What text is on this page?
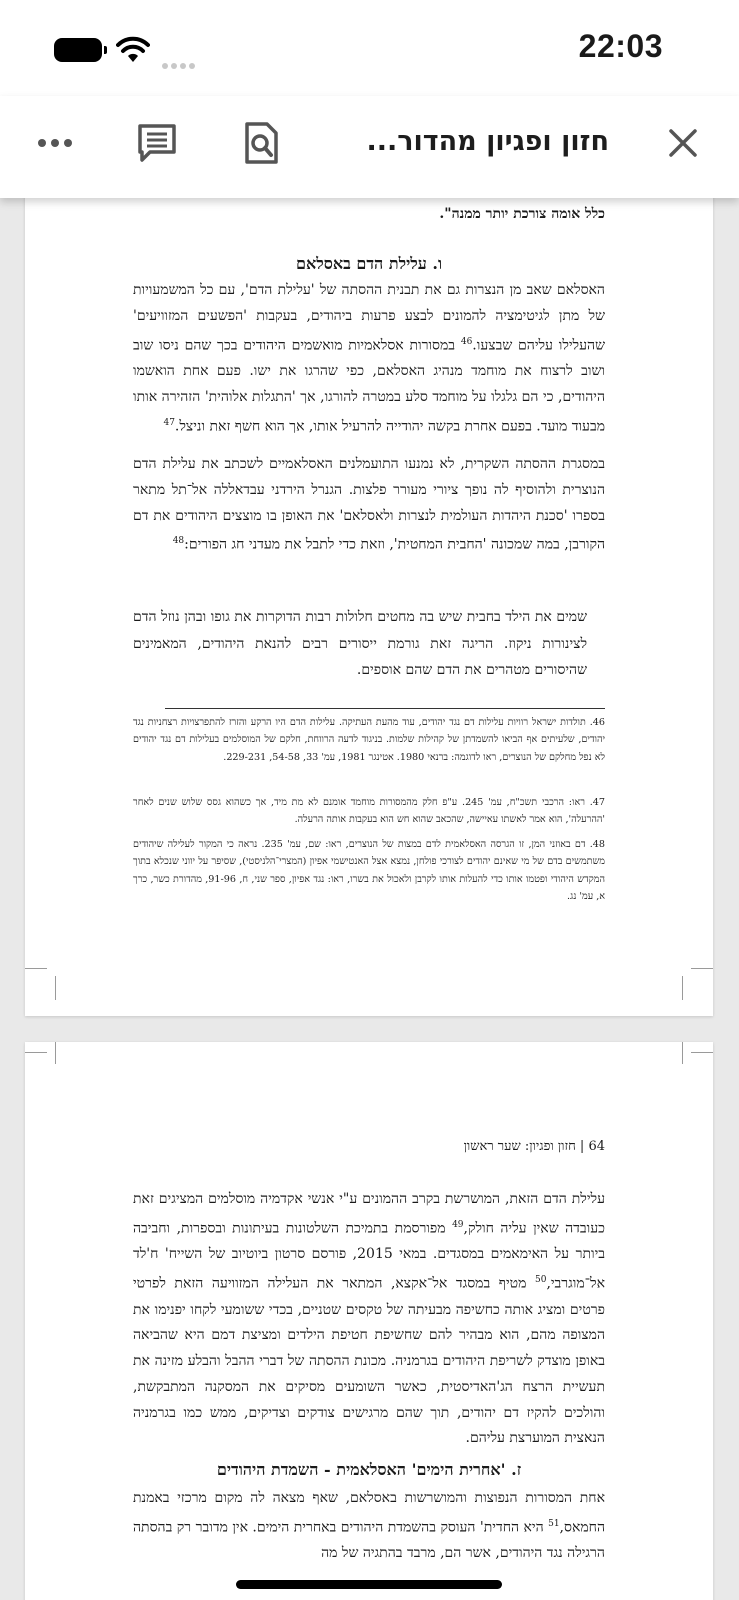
22:03
חזון ופגיון מהדור...
כלל אומה צורכת יותר ממנה".
ו. עלילת הדם באסלאם

האסלאם שאב מן הנצרות גם את תבנית ההסתה של 'עלילת הדם', עם כל המשמעויות של מתן לגיטימציה להמונים לבצע פרעות ביהודים, בעקבות 'הפשעים המזוויעים' שהעלילו עליהם שבצעו.$^{46}$ במסורות אסלאמיות מואשמים היהודים בכך שהם ניסו שוב ושוב לרצוח את מוחמד מנהיג האסלאם, כפי שהרגו את ישו. פעם אחת הואשמו היהודים, כי הם גלגלו על מוחמד סלע במטרה להורגו, אך 'התגלות אלוהית' הזהירה אותו מבעוד מועד. בפעם אחרת בקשה יהודייה להרעיל אותו, אך הוא חשף זאת וניצל.$^{47}$

במסגרת ההסתה השקרית, לא נמנעו התועמלנים האסלאמיים לשכתב את עלילת הדם הנוצרית ולהוסיף לה נופך ציורי מעורר פלצות. הגנרל הירדני עבדאללה אל־תל מתאר בספרו 'סכנת היהדות העולמית לנצרות ולאסלאם' את האופן בו מוצצים היהודים את דם הקורבן, במה שמכונה 'החבית המחטית', וזאת כדי לתבל את מעדני חג הפורים:$^{48}$

שמים את הילד בחבית שיש בה מחטים חלולות רבות הדוקרות את גופו ובהן נוזל הדם לצינורות ניקוז. הריגה זאת גורמת ייסורים רבים להנאת היהודים, המאמינים שהיסורים מטהרים את הדם שהם אוספים.

46. תולדות ישראל רוויות עלילות דם נגד יהודים, עוד מהעת העתיקה. עלילות הדם היו הרקע והזרז להתפרצויות רצחניות נגד יהודים, שלעיתים אף הביאו להשמדתן של קהילות שלמות. בניגוד לדעה הרווחת, חלקם של המוסלמים בעלילות דם נגד יהודים לא נפל מחלקם של הנוצרים, ראו לדוגמה: ברנאי 1980. אטינגר 1981, עמ' 33, 54-58, 229-231.
47. ראו: הרכבי תשכ"ח, עמ' 245. ע"פ חלק מהמסורות מוחמד אומנם לא מת מיד, אך כשהוא גסס שלוש שנים לאחר 'ההרעלה', הוא אמר לאשתו עאיישה, שהכאב שהוא חש הוא בעקבות אותה הרעלה.
48. דם באוזני המן, זו הגרסה האסלאמית לדם במצות של הנוצרים, ראו: שם, עמ' 235. נראה כי המקור לעלילה שיהודים משתמשים בדם של מי שאינם יהודים לצורכי פולחן, נמצא אצל האנטישמי אפיון (המצרי־הלניסטי), שסיפר על יווני שנכלא בתוך המקדש היהודי ופטמו אותו כדי להעלות אותו לקרבן ולאכול את בשרו, ראו: נגד אפיון, ספר שני, ח, 91-96, מהדורת כשר, כרך א, עמ' נג.
64 | חזון ופגיון: שער ראשון

עלילת הדם הזאת, המושרשת בקרב ההמונים ע"י אנשי אקדמיה מוסלמים המציגים זאת כעובדה שאין עליה חולק,$^{49}$ מפורסמת בתמיכת השלטונות בעיתונות ובספרות, וחביבה ביותר על האימאמים במסגדים. במאי 2015, פורסם סרטון ביוטיוב של השייח' ח'לד אל־מוגרבי,$^{50}$ מטיף במסגד אל־אקצא, המתאר את העלילה המזוויעה הזאת לפרטי פרטים ומציג אותה כחשיפה מבעיתה של טקסים שטניים, בכדי ששומעי לקחו יפנימו את המצופה מהם, הוא מבהיר להם שחשיפת חטיפת הילדים ומציצת דמם היא שהביאה באופן מוצדק לשריפת היהודים בגרמניה. מכונת ההסתה של דברי ההבל והבלע מזינה את תעשיית הרצח הג'האדיסטית, כאשר השומעים מסיקים את המסקנה המתבקשת, והולכים להקיז דם יהודים, תוך שהם מרגישים צודקים וצדיקים, ממש כמו בגרמניה הנאצית המוערצת עליהם.

ז. 'אחרית הימים' האסלאמית - השמדת היהודים

אחת המסורות הנפוצות והמושרשות באסלאם, שאף מצאה לה מקום מרכזי באמנת החמאס,$^{51}$ היא החדית' העוסק בהשמדת היהודים באחרית הימים. אין מדובר רק בהסתה הרגילה נגד היהודים, אשר הם, מרבד בהתגיה של מה
